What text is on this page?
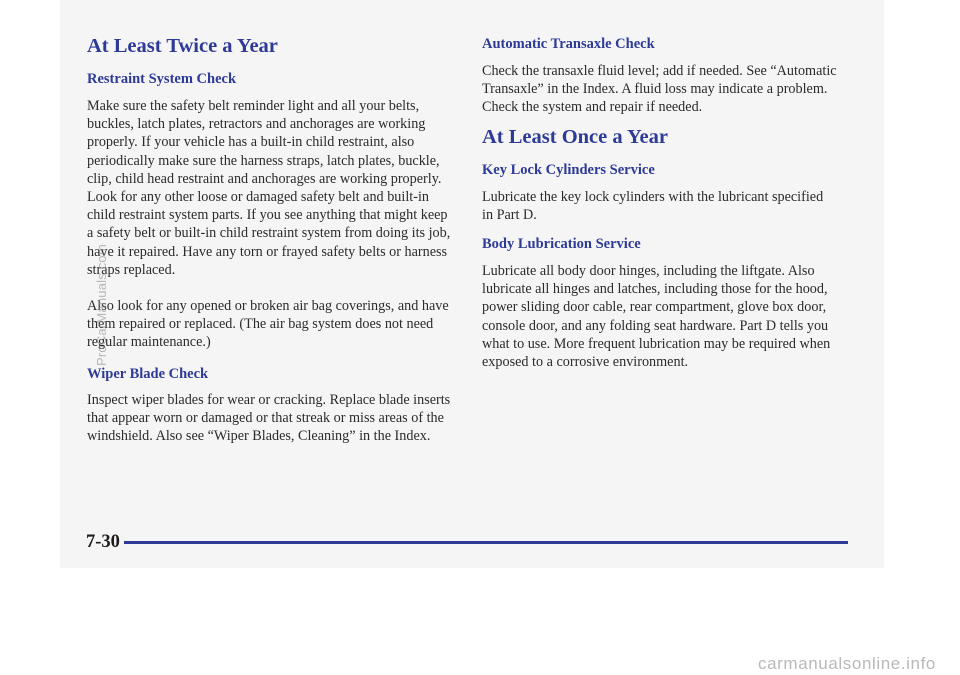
At Least Twice a Year
Restraint System Check

Make sure the safety belt reminder light and all your belts, buckles, latch plates, retractors and anchorages are working properly. If your vehicle has a built-in child restraint, also periodically make sure the harness straps, latch plates, buckle, clip, child head restraint and anchorages are working properly. Look for any other loose or damaged safety belt and built-in child restraint system parts. If you see anything that might keep a safety belt or built-in child restraint system from doing its job, have it repaired. Have any torn or frayed safety belts or harness straps replaced.

Also look for any opened or broken air bag coverings, and have them repaired or replaced. (The air bag system does not need regular maintenance.)

Wiper Blade Check

Inspect wiper blades for wear or cracking. Replace blade inserts that appear worn or damaged or that streak or miss areas of the windshield. Also see “Wiper Blades, Cleaning” in the Index.

Automatic Transaxle Check

Check the transaxle fluid level; add if needed. See “Automatic Transaxle” in the Index. A fluid loss may indicate a problem. Check the system and repair if needed.

At Least Once a Year
Key Lock Cylinders Service

Lubricate the key lock cylinders with the lubricant specified in Part D.

Body Lubrication Service

Lubricate all body door hinges, including the liftgate. Also lubricate all hinges and latches, including those for the hood, power sliding door cable, rear compartment, glove box door, console door, and any folding seat hardware. Part D tells you what to use. More frequent lubrication may be required when exposed to a corrosive environment.

7-30

ProCarManuals.com
carmanualsonline.info
